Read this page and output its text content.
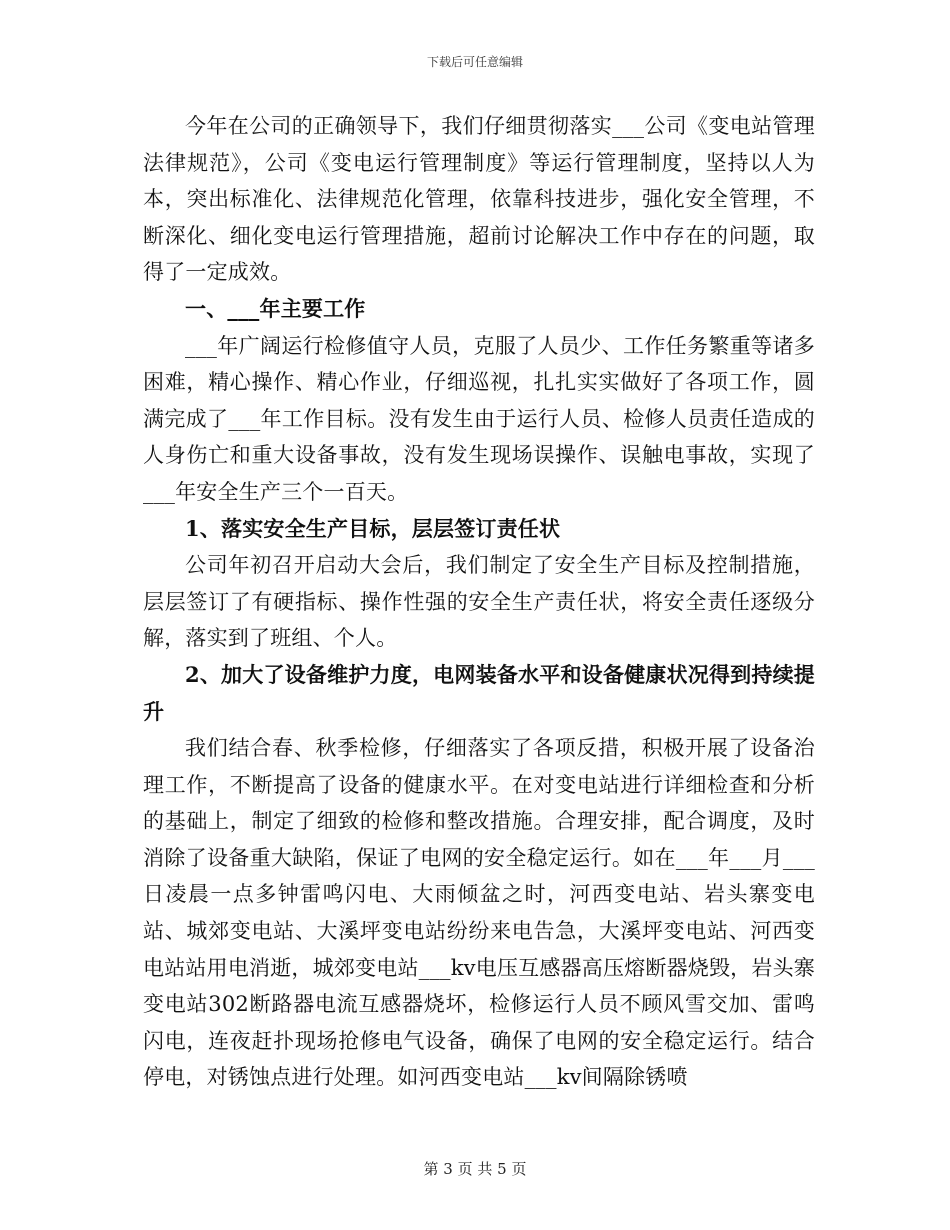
下载后可任意编辑

今年在公司的正确领导下，我们仔细贯彻落实___公司《变电站管理法律规范》，公司《变电运行管理制度》等运行管理制度，坚持以人为本，突出标准化、法律规范化管理，依靠科技进步，强化安全管理，不断深化、细化变电运行管理措施，超前讨论解决工作中存在的问题，取得了一定成效。

一、___年主要工作

___年广阔运行检修值守人员，克服了人员少、工作任务繁重等诸多困难，精心操作、精心作业，仔细巡视，扎扎实实做好了各项工作，圆满完成了___年工作目标。没有发生由于运行人员、检修人员责任造成的人身伤亡和重大设备事故，没有发生现场误操作、误触电事故，实现了___年安全生产三个一百天。

1、落实安全生产目标，层层签订责任状

公司年初召开启动大会后，我们制定了安全生产目标及控制措施，层层签订了有硬指标、操作性强的安全生产责任状，将安全责任逐级分解，落实到了班组、个人。

2、加大了设备维护力度，电网装备水平和设备健康状况得到持续提升

我们结合春、秋季检修，仔细落实了各项反措，积极开展了设备治理工作，不断提高了设备的健康水平。在对变电站进行详细检查和分析的基础上，制定了细致的检修和整改措施。合理安排，配合调度，及时消除了设备重大缺陷，保证了电网的安全稳定运行。如在___年___月___日凌晨一点多钟雷鸣闪电、大雨倾盆之时，河西变电站、岩头寨变电站、城郊变电站、大溪坪变电站纷纷来电告急，大溪坪变电站、河西变电站站用电消逝，城郊变电站___kv电压互感器高压熔断器烧毁，岩头寨变电站302断路器电流互感器烧坏，检修运行人员不顾风雪交加、雷鸣闪电，连夜赶扑现场抢修电气设备，确保了电网的安全稳定运行。结合停电，对锈蚀点进行处理。如河西变电站___kv间隔除锈喷

第 3 页 共 5 页
